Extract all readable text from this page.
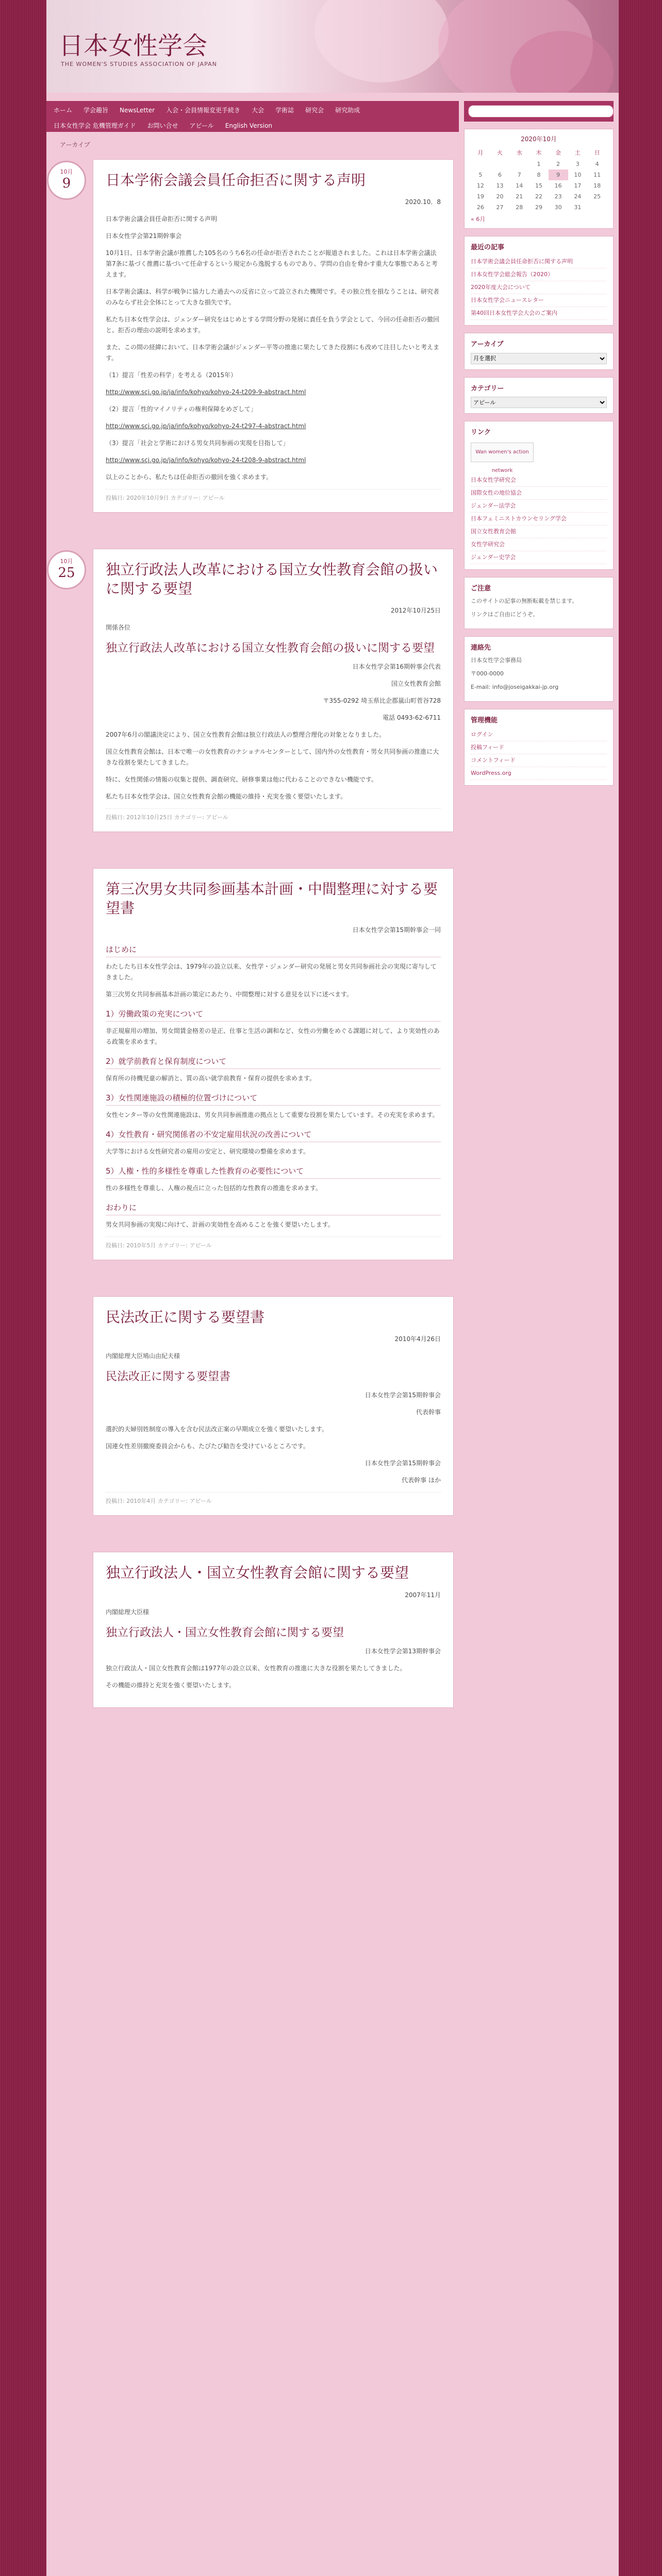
日本女性学会
THE WOMEN'S STUDIES ASSOCIATION OF JAPAN
ホーム 学会趣旨 NewsLetter 入会・会員情報変更手続き 大会 学術誌 研究会 研究助成
日本女性学会 危機管理ガイド お問い合せ アピール English Version
アーカイブ
10月
9	日本学術会議会員任命拒否に関する声明

2020.10．8

日本学術会議会員任命拒否に関する声明

日本女性学会第21期幹事会

10月1日、日本学術会議が推薦した105名のうち6名の任命が拒否されたことが報道されました。これは日本学術会議法第7条に基づく推薦に基づいて任命するという規定から逸脱するものであり、学問の自由を脅かす重大な事態であると考えます。

日本学術会議は、科学が戦争に協力した過去への反省に立って設立された機関です。その独立性を損なうことは、研究者のみならず社会全体にとって大きな損失です。

私たち日本女性学会は、ジェンダー研究をはじめとする学問分野の発展に責任を負う学会として、今回の任命拒否の撤回と、拒否の理由の説明を求めます。

また、この間の経緯において、日本学術会議がジェンダー平等の推進に果たしてきた役割にも改めて注目したいと考えます。

（1）提言「性差の科学」を考える（2015年）

http://www.scj.go.jp/ja/info/kohyo/kohyo-24-t209-9-abstract.html

（2）提言「性的マイノリティの権利保障をめざして」

http://www.scj.go.jp/ja/info/kohyo/kohyo-24-t297-4-abstract.html

（3）提言「社会と学術における男女共同参画の実現を目指して」

http://www.scj.go.jp/ja/info/kohyo/kohyo-24-t208-9-abstract.html

以上のことから、私たちは任命拒否の撤回を強く求めます。

投稿日: 2020年10月9日 カテゴリー: アピール
10月
25	独立行政法人改革における国立女性教育会館の扱いに関する要望

2012年10月25日

関係各位

独立行政法人改革における国立女性教育会館の扱いに関する要望

日本女性学会第16期幹事会代表

国立女性教育会館

〒355-0292 埼玉県比企郡嵐山町菅谷728

電話 0493-62-6711

2007年6月の閣議決定により、国立女性教育会館は独立行政法人の整理合理化の対象となりました。

国立女性教育会館は、日本で唯一の女性教育のナショナルセンターとして、国内外の女性教育・男女共同参画の推進に大きな役割を果たしてきました。

特に、女性関係の情報の収集と提供、調査研究、研修事業は他に代わることのできない機能です。

私たち日本女性学会は、国立女性教育会館の機能の維持・充実を強く要望いたします。

投稿日: 2012年10月25日 カテゴリー: アピール
第三次男女共同参画基本計画・中間整理に対する要望書

日本女性学会第15期幹事会一同

はじめに

わたしたち日本女性学会は、1979年の設立以来、女性学・ジェンダー研究の発展と男女共同参画社会の実現に寄与してきました。

第三次男女共同参画基本計画の策定にあたり、中間整理に対する意見を以下に述べます。

1）労働政策の充実について

非正規雇用の増加、男女間賃金格差の是正、仕事と生活の調和など、女性の労働をめぐる課題に対して、より実効性のある政策を求めます。

2）就学前教育と保育制度について

保育所の待機児童の解消と、質の高い就学前教育・保育の提供を求めます。

3）女性関連施設の積極的位置づけについて

女性センター等の女性関連施設は、男女共同参画推進の拠点として重要な役割を果たしています。その充実を求めます。

4）女性教育・研究関係者の不安定雇用状況の改善について

大学等における女性研究者の雇用の安定と、研究環境の整備を求めます。

5）人権・性的多様性を尊重した性教育の必要性について

性の多様性を尊重し、人権の視点に立った包括的な性教育の推進を求めます。

おわりに

男女共同参画の実現に向けて、計画の実効性を高めることを強く要望いたします。

投稿日: 2010年5月 カテゴリー: アピール
民法改正に関する要望書

2010年4月26日

内閣総理大臣鳩山由紀夫様

民法改正に関する要望書

日本女性学会第15期幹事会

代表幹事

選択的夫婦別姓制度の導入を含む民法改正案の早期成立を強く要望いたします。

国連女性差別撤廃委員会からも、たびたび勧告を受けているところです。

日本女性学会第15期幹事会

代表幹事 ほか

投稿日: 2010年4月 カテゴリー: アピール
独立行政法人・国立女性教育会館に関する要望

2007年11月

内閣総理大臣様

独立行政法人・国立女性教育会館に関する要望

日本女性学会第13期幹事会

独立行政法人・国立女性教育会館は1977年の設立以来、女性教育の推進に大きな役割を果たしてきました。

その機能の維持と充実を強く要望いたします。

2020年10月
月	火	水	木	金	土	日
			1	2	3	4
5	6	7	8	9	10	11
12	13	14	15	16	17	18
19	20	21	22	23	24	25
26	27	28	29	30	31	
« 6月
最近の記事
日本学術会議会員任命拒否に関する声明
日本女性学会総会報告（2020）
2020年度大会について
日本女性学会ニュースレター
第40回日本女性学会大会のご案内
アーカイブ
月を選択
カテゴリー
アピール
リンク
Wan women's action network
日本女性学研究会
国際女性の地位協会
ジェンダー法学会
日本フェミニストカウンセリング学会
国立女性教育会館
女性学研究会
ジェンダー史学会
ご注意

このサイトの記事の無断転載を禁じます。

リンクはご自由にどうぞ。

連絡先

日本女性学会事務局

〒000-0000

E-mail: info@joseigakkai-jp.org

管理機能
ログイン
投稿フィード
コメントフィード
WordPress.org
